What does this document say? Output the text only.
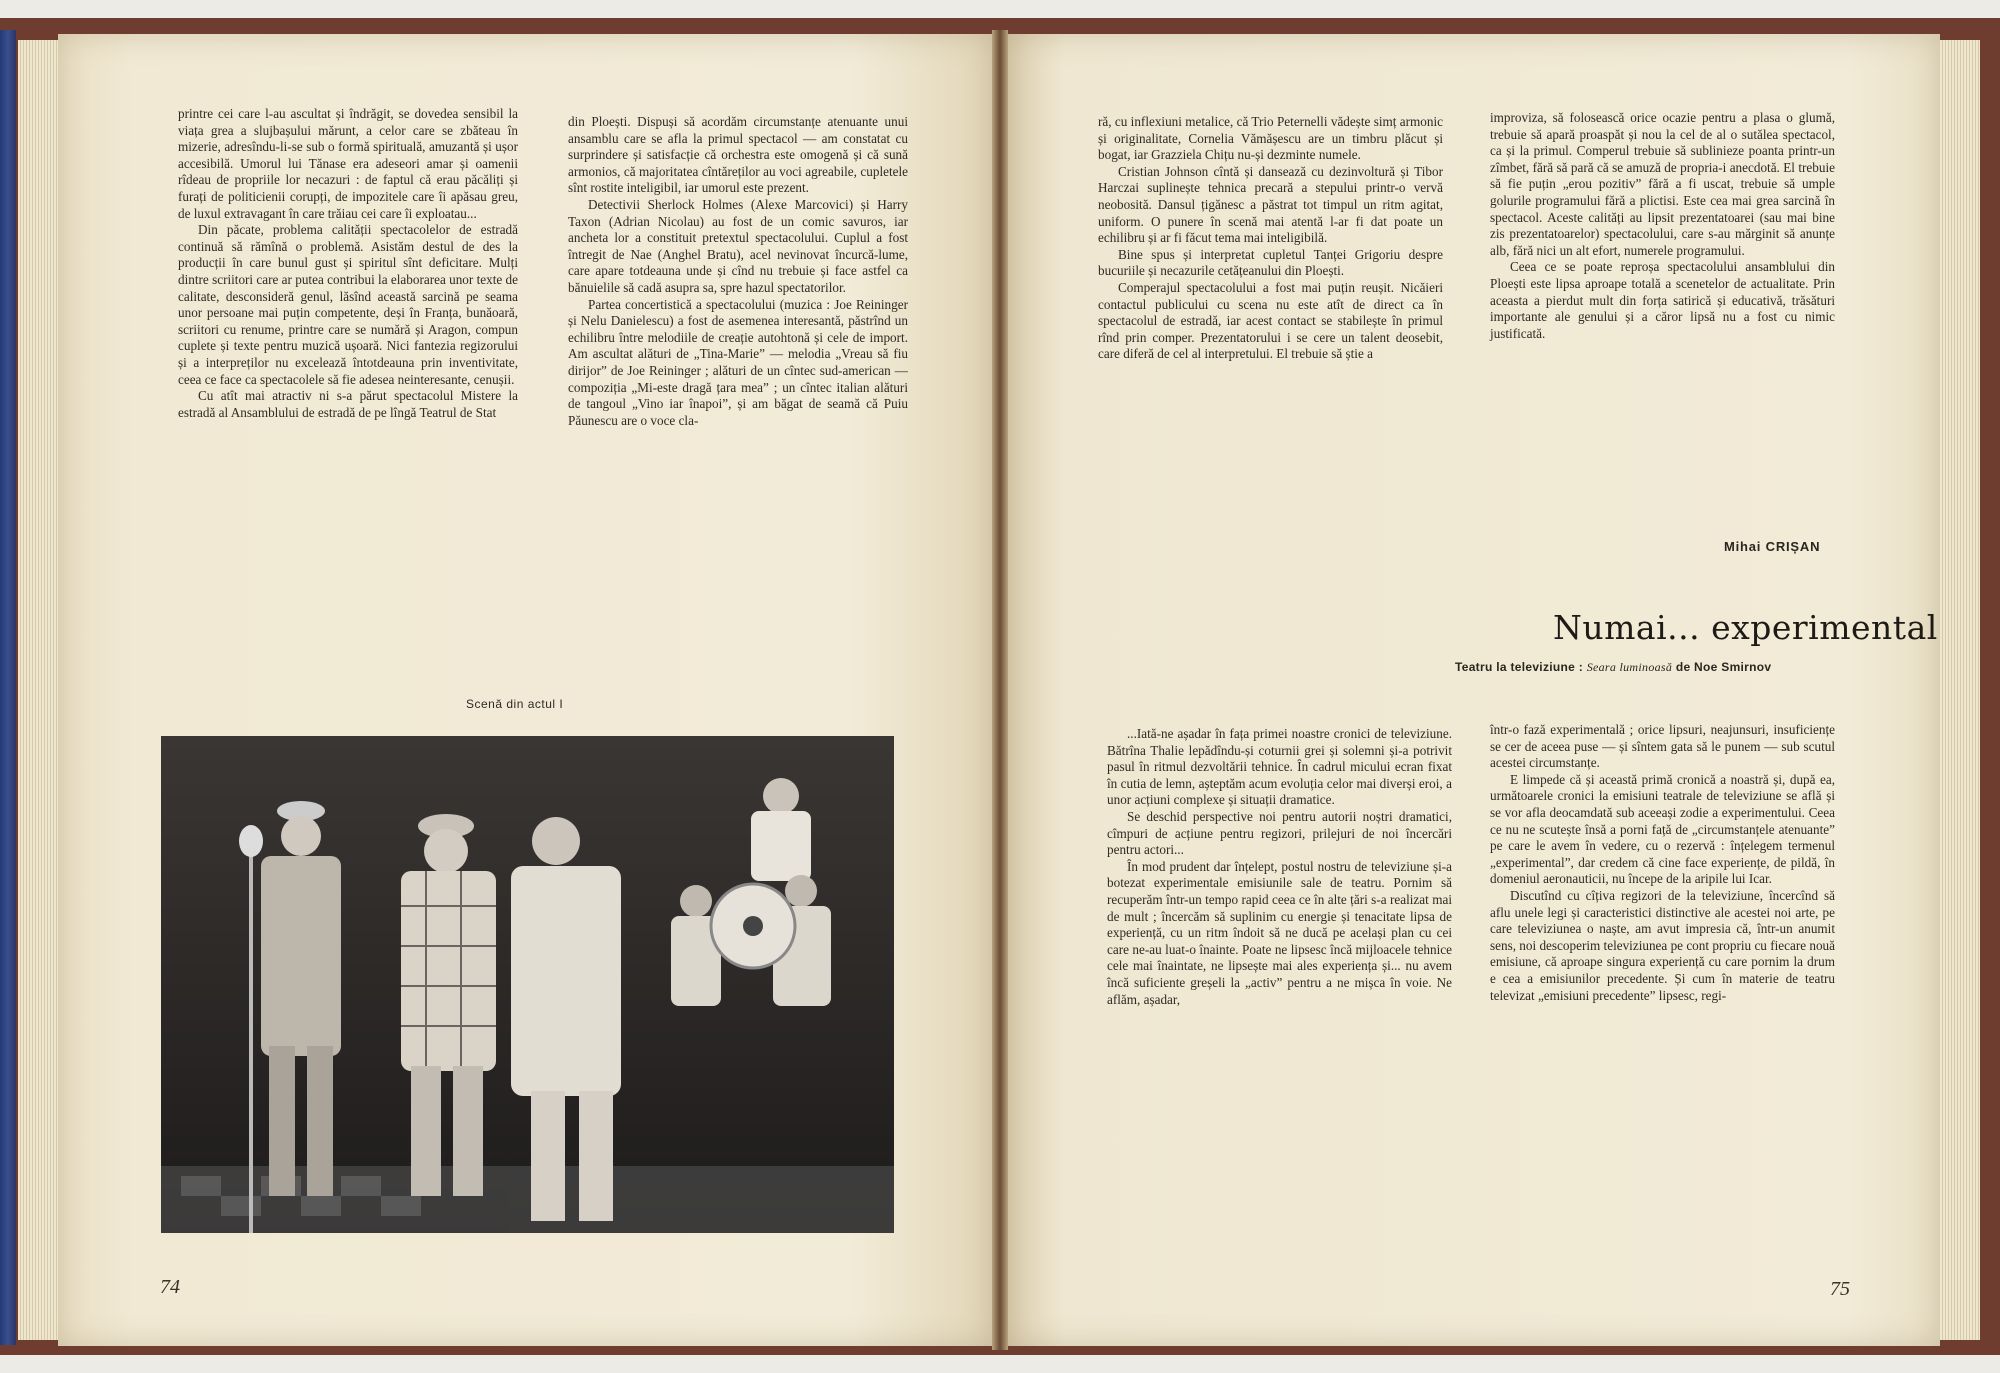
printre cei care l-au ascultat și îndrăgit, se dovedea sensibil la viața grea a slujbașului mărunt, a celor care se zbăteau în mizerie, adresîndu-li-se sub o formă spirituală, amuzantă și ușor accesibilă. Umorul lui Tănase era adeseori amar și oamenii rîdeau de propriile lor necazuri : de faptul că erau păcăliți și furați de politicienii corupți, de impozitele care îi apăsau greu, de luxul extravagant în care trăiau cei care îi exploatau...

Din păcate, problema calității spectacolelor de estradă continuă să rămînă o problemă. Asistăm destul de des la producții în care bunul gust și spiritul sînt deficitare. Mulți dintre scriitori care ar putea contribui la elaborarea unor texte de calitate, desconsideră genul, lăsînd această sarcină pe seama unor persoane mai puțin competente, deși în Franța, bunăoară, scriitori cu renume, printre care se numără și Aragon, compun cuplete și texte pentru muzică ușoară. Nici fantezia regizorului și a interpreților nu excelează întotdeauna prin inventivitate, ceea ce face ca spectacolele să fie adesea neinteresante, cenușii.

Cu atît mai atractiv ni s-a părut spectacolul Mistere la estradă al Ansamblului de estradă de pe lîngă Teatrul de Stat

din Ploești. Dispuși să acordăm circumstanțe atenuante unui ansamblu care se afla la primul spectacol — am constatat cu surprindere și satisfacție că orchestra este omogenă și că sună armonios, că majoritatea cîntăreților au voci agreabile, cupletele sînt rostite inteligibil, iar umorul este prezent.

Detectivii Sherlock Holmes (Alexe Marcovici) și Harry Taxon (Adrian Nicolau) au fost de un comic savuros, iar ancheta lor a constituit pretextul spectacolului. Cuplul a fost întregit de Nae (Anghel Bratu), acel nevinovat încurcă-lume, care apare totdeauna unde și cînd nu trebuie și face astfel ca bănuielile să cadă asupra sa, spre hazul spectatorilor.

Partea concertistică a spectacolului (muzica : Joe Reininger și Nelu Danielescu) a fost de asemenea interesantă, păstrînd un echilibru între melodiile de creație autohtonă și cele de import. Am ascultat alături de „Tina-Marie” — melodia „Vreau să fiu dirijor” de Joe Reininger ; alături de un cîntec sud-american — compoziția „Mi-este dragă țara mea” ; un cîntec italian alături de tangoul „Vino iar înapoi”, și am băgat de seamă că Puiu Păunescu are o voce cla-

Scenă din actul I
74

ră, cu inflexiuni metalice, că Trio Peternelli vădește simț armonic și originalitate, Cornelia Vămășescu are un timbru plăcut și bogat, iar Grazziela Chițu nu-și dezminte numele.

Cristian Johnson cîntă și dansează cu dezinvoltură și Tibor Harczai suplinește tehnica precară a stepului printr-o vervă neobosită. Dansul țigănesc a păstrat tot timpul un ritm agitat, uniform. O punere în scenă mai atentă l-ar fi dat poate un echilibru și ar fi făcut tema mai inteligibilă.

Bine spus și interpretat cupletul Tanței Grigoriu despre bucuriile și necazurile cetățeanului din Ploești.

Comperajul spectacolului a fost mai puțin reușit. Nicăieri contactul publicului cu scena nu este atît de direct ca în spectacolul de estradă, iar acest contact se stabilește în primul rînd prin comper. Prezentatorului i se cere un talent deosebit, care diferă de cel al interpretului. El trebuie să știe a

improviza, să folosească orice ocazie pentru a plasa o glumă, trebuie să apară proaspăt și nou la cel de al o sutălea spectacol, ca și la primul. Comperul trebuie să sublinieze poanta printr-un zîmbet, fără să pară că se amuză de propria-i anecdotă. El trebuie să fie puțin „erou pozitiv” fără a fi uscat, trebuie să umple golurile programului fără a plictisi. Este cea mai grea sarcină în spectacol. Aceste calități au lipsit prezentatoarei (sau mai bine zis prezentatoarelor) spectacolului, care s-au mărginit să anunțe alb, fără nici un alt efort, numerele programului.

Ceea ce se poate reproșa spectacolului ansamblului din Ploești este lipsa aproape totală a scenetelor de actualitate. Prin aceasta a pierdut mult din forța satirică și educativă, trăsături importante ale genului și a căror lipsă nu a fost cu nimic justificată.

Mihai CRIȘAN
Numai... experimental
Teatru la televiziune : Seara luminoasă de Noe Smirnov

...Iată-ne așadar în fața primei noastre cronici de televiziune. Bătrîna Thalie lepădîndu-și coturnii grei și solemni și-a potrivit pasul în ritmul dezvoltării tehnice. În cadrul micului ecran fixat în cutia de lemn, așteptăm acum evoluția celor mai diverși eroi, a unor acțiuni complexe și situații dramatice.

Se deschid perspective noi pentru autorii noștri dramatici, cîmpuri de acțiune pentru regizori, prilejuri de noi încercări pentru actori...

În mod prudent dar înțelept, postul nostru de televiziune și-a botezat experimentale emisiunile sale de teatru. Pornim să recuperăm într-un tempo rapid ceea ce în alte țări s-a realizat mai de mult ; încercăm să suplinim cu energie și tenacitate lipsa de experiență, cu un ritm îndoit să ne ducă pe același plan cu cei care ne-au luat-o înainte. Poate ne lipsesc încă mijloacele tehnice cele mai înaintate, ne lipsește mai ales experiența și... nu avem încă suficiente greșeli la „activ” pentru a ne mișca în voie. Ne aflăm, așadar,

într-o fază experimentală ; orice lipsuri, neajunsuri, insuficiențe se cer de aceea puse — și sîntem gata să le punem — sub scutul acestei circumstanțe.

E limpede că și această primă cronică a noastră și, după ea, următoarele cronici la emisiuni teatrale de televiziune se află și se vor afla deocamdată sub aceeași zodie a experimentului. Ceea ce nu ne scutește însă a porni față de „circumstanțele atenuante” pe care le avem în vedere, cu o rezervă : înțelegem termenul „experimental”, dar credem că cine face experiențe, de pildă, în domeniul aeronauticii, nu începe de la aripile lui Icar.

Discutînd cu cîțiva regizori de la televiziune, încercînd să aflu unele legi și caracteristici distinctive ale acestei noi arte, pe care televiziunea o naște, am avut impresia că, într-un anumit sens, noi descoperim televiziunea pe cont propriu cu fiecare nouă emisiune, că aproape singura experiență cu care pornim la drum e cea a emisiunilor precedente. Și cum în materie de teatru televizat „emisiuni precedente” lipsesc, regi-

75
